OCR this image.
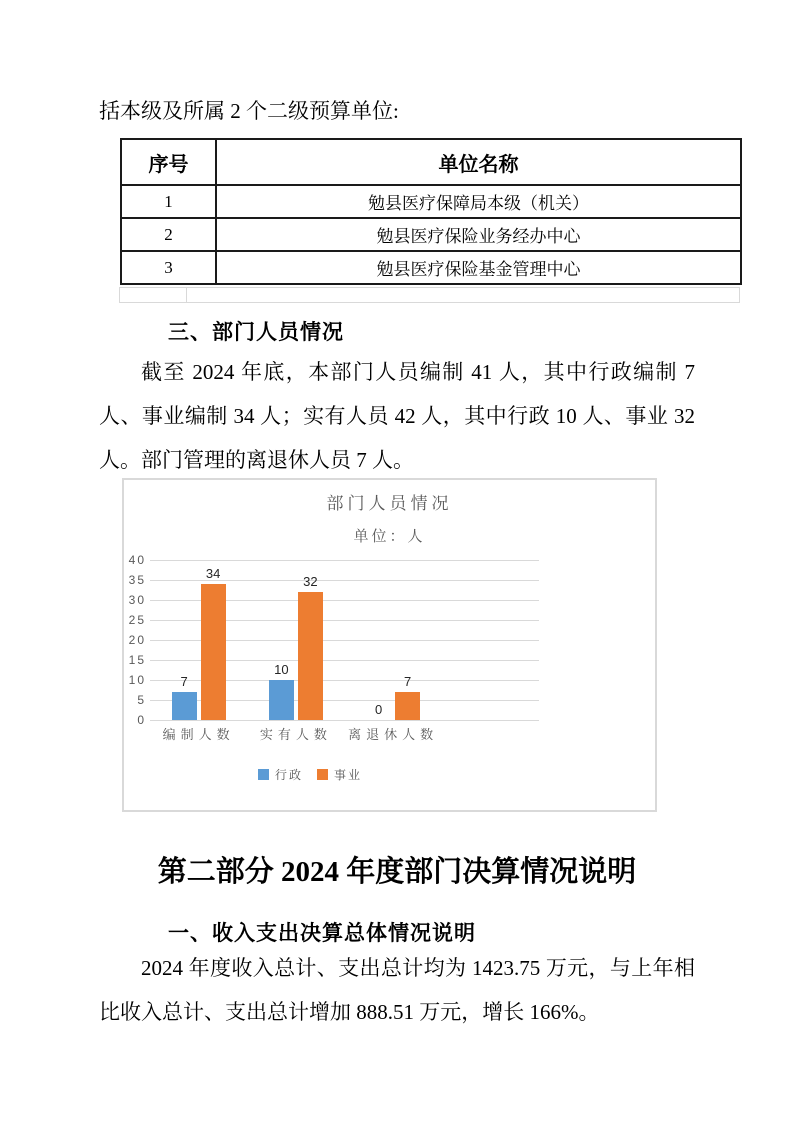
括本级及所属 2 个二级预算单位:

序号	单位名称
1	勉县医疗保障局本级（机关）
2	勉县医疗保险业务经办中心
3	勉县医疗保险基金管理中心
三、部门人员情况

截至 2024 年底，本部门人员编制 41 人，其中行政编制 7 人、事业编制 34 人；实有人员 42 人，其中行政 10 人、事业 32 人。部门管理的离退休人员 7 人。

部门人员情况
单位：人
0
5
10
15
20
25
30
35
40
编制人数
7
34
实有人数
10
32
离退休人数
0
7
行政	事业
第二部分 2024 年度部门决算情况说明
一、收入支出决算总体情况说明

2024 年度收入总计、支出总计均为 1423.75 万元，与上年相比收入总计、支出总计增加 888.51 万元，增长 166%。
